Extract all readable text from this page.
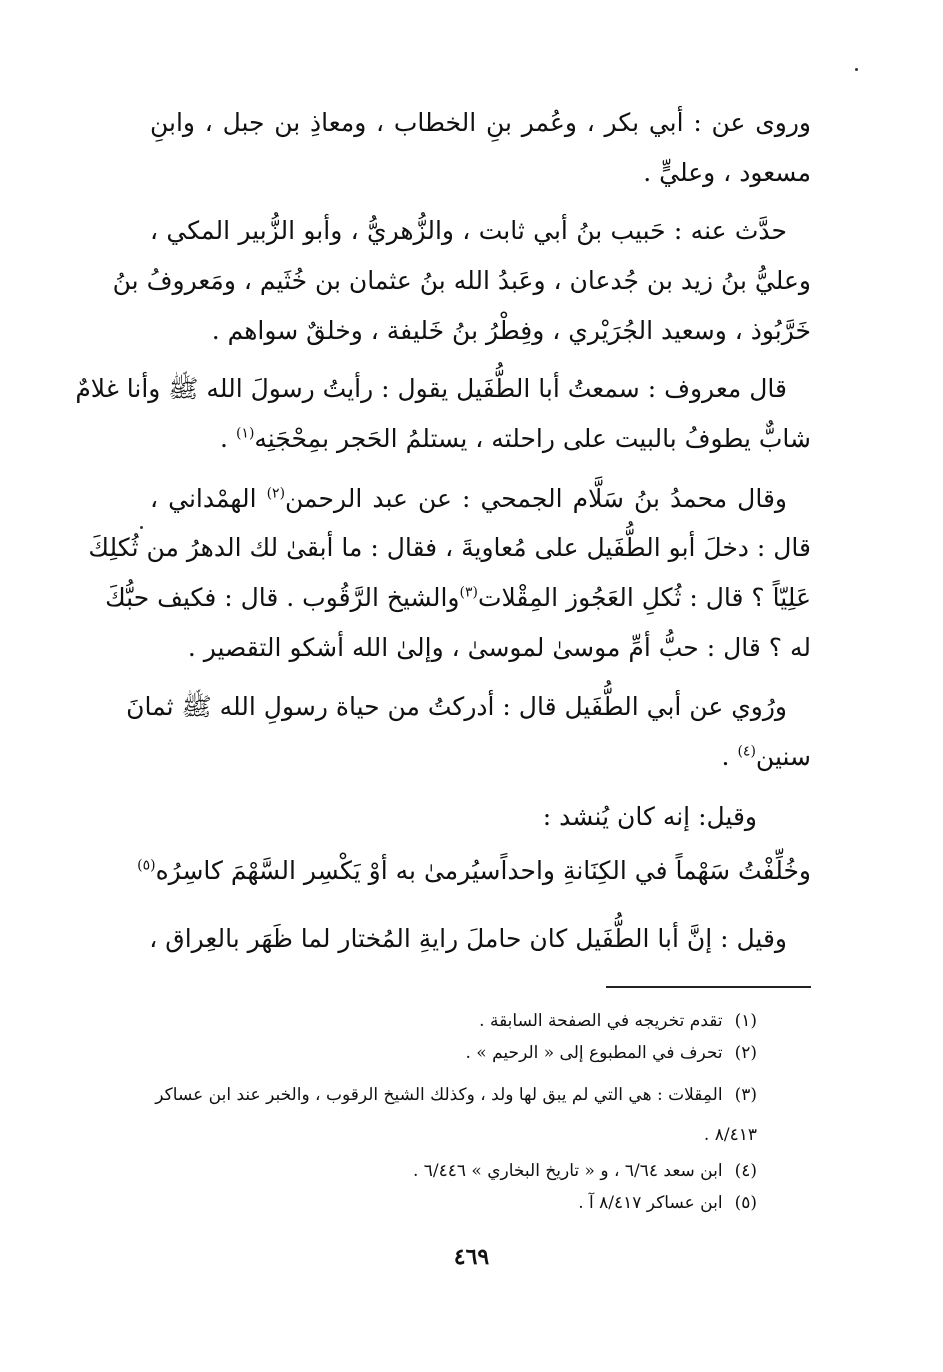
وروى عن : أبي بكر ، وعُمر بنِ الخطاب ، ومعاذِ بن جبل ، وابنِ
مسعود ، وعليٍّ .
حدَّث عنه : حَبيب بنُ أبي ثابت ، والزُّهريُّ ، وأبو الزُّبير المكي ،
وعليُّ بنُ زيد بن جُدعان ، وعَبدُ الله بنُ عثمان بن خُثَيم ، ومَعروفُ بنُ
خَرَّبُوذ ، وسعيد الجُرَيْري ، وفِطْرُ بنُ خَليفة ، وخلقٌ سواهم .
قال معروف : سمعتُ أبا الطُّفَيل يقول : رأيتُ رسولَ الله ﷺ وأنا غلامٌ
شابٌّ يطوفُ بالبيت على راحلته ، يستلمُ الحَجر بمِحْجَنِه$^{(١)}$ .
وقال محمدُ بنُ سَلَّام الجمحي : عن عبد الرحمن$^{(٢)}$ الهمْداني ،
قال : دخلَ أبو الطُّفَيل على مُعاويةَ ، فقال : ما أبقىٰ لك الدهرُ من ثُكلِكَ
عَلِيّاً ؟ قال : ثُكلِ العَجُوز المِقْلات$^{(٣)}$والشيخ الرَّقُوب . قال : فكيف حبُّكَ
له ؟ قال : حبُّ أمِّ موسىٰ لموسىٰ ، وإلىٰ الله أشكو التقصير .
ورُوي عن أبي الطُّفَيل قال : أدركتُ من حياة رسولِ الله ﷺ ثمانَ
سنين$^{(٤)}$ .
وقيل: إنه كان يُنشد :
وخُلِّفْتُ سَهْماً في الكِنَانةِ واحداً
سيُرمىٰ به أوْ يَكْسِر السَّهْمَ كاسِرُه$^{(٥)}$
وقيل : إنَّ أبا الطُّفَيل كان حاملَ رايةِ المُختار لما ظَهَر بالعِراق ،
(١)تقدم تخريجه في الصفحة السابقة .
(٢)تحرف في المطبوع إلى « الرحيم » .
(٣)المِقلات : هي التي لم يبق لها ولد ، وكذلك الشيخ الرقوب ، والخبر عند ابن عساكر
٨/٤١٣ .
(٤)ابن سعد ٦/٦٤ ، و « تاريخ البخاري » ٦/٤٤٦ .
(٥)ابن عساكر ٨/٤١٧ آ .
٤٦٩
